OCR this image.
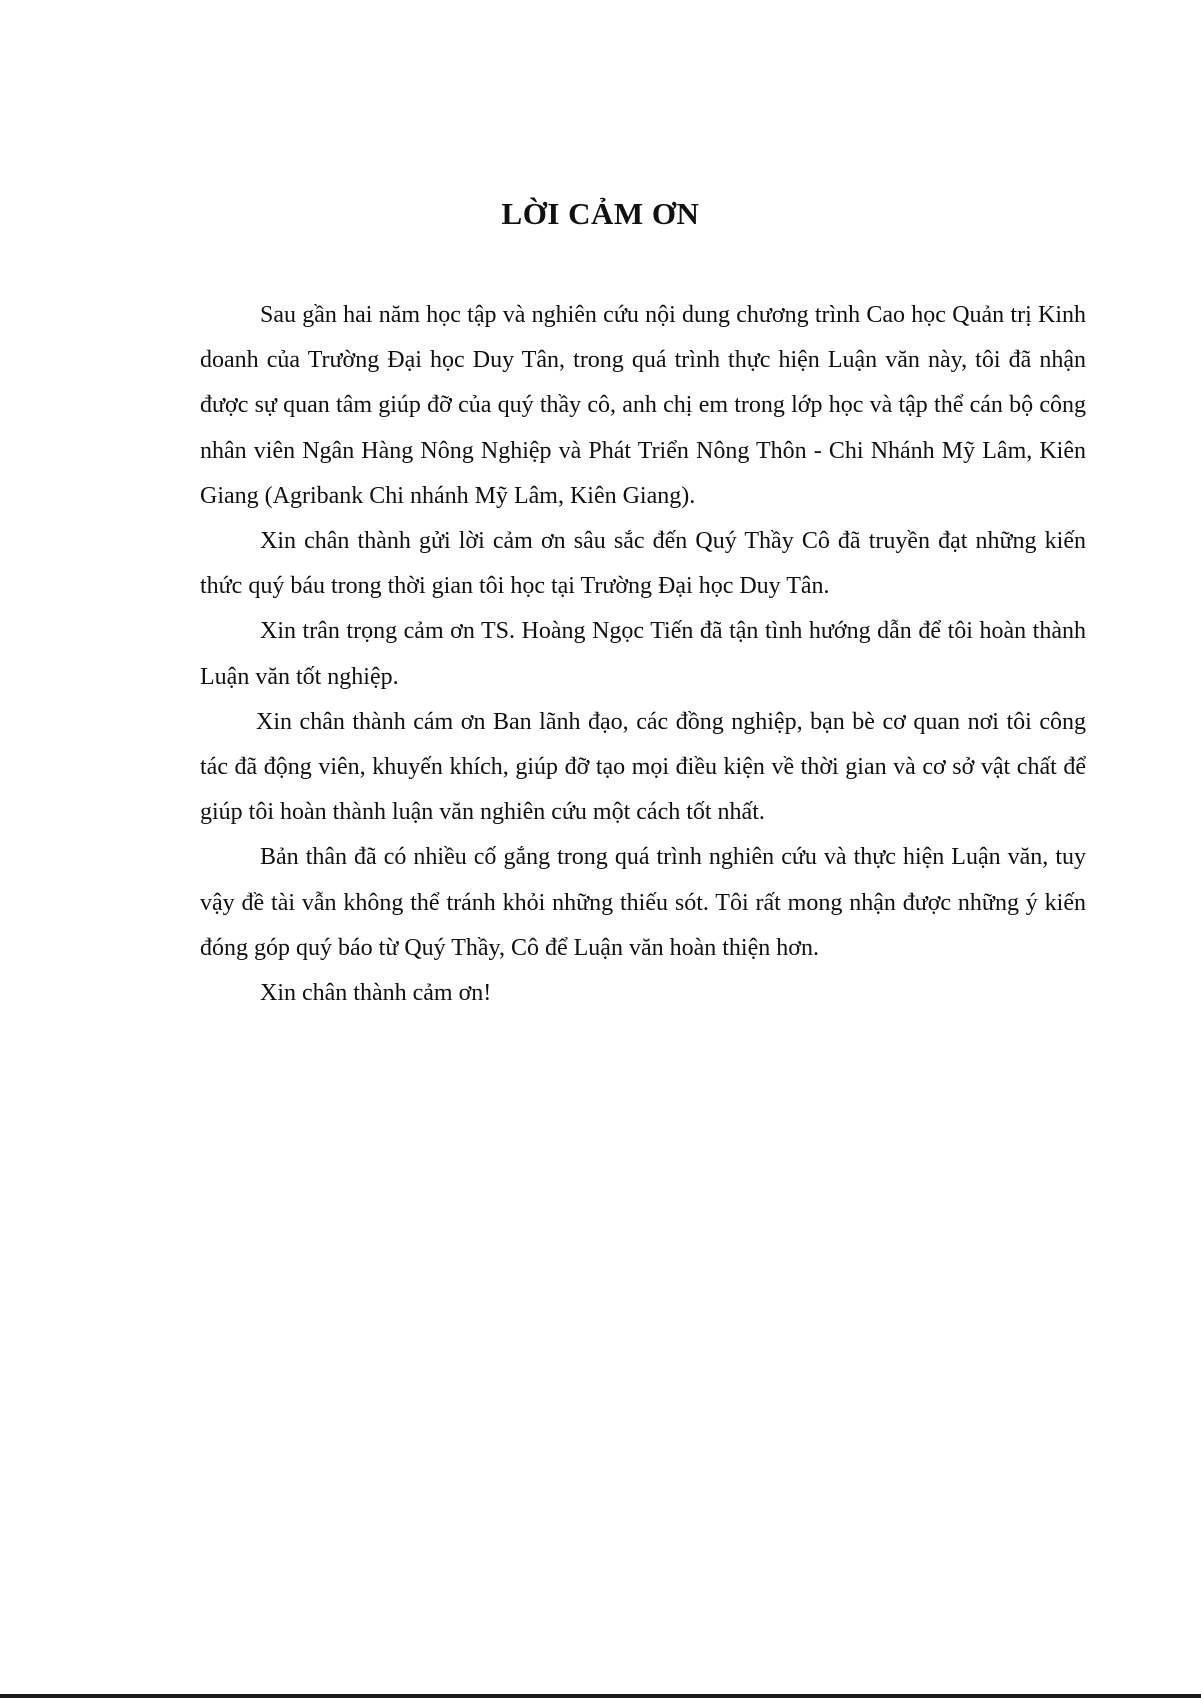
LỜI CẢM ƠN

Sau gần hai năm học tập và nghiên cứu nội dung chương trình Cao học Quản trị Kinh doanh của Trường Đại học Duy Tân, trong quá trình thực hiện Luận văn này, tôi đã nhận được sự quan tâm giúp đỡ của quý thầy cô, anh chị em trong lớp học và tập thể cán bộ công nhân viên Ngân Hàng Nông Nghiệp và Phát Triển Nông Thôn - Chi Nhánh Mỹ Lâm, Kiên Giang (Agribank Chi nhánh Mỹ Lâm, Kiên Giang).

Xin chân thành gửi lời cảm ơn sâu sắc đến Quý Thầy Cô đã truyền đạt những kiến thức quý báu trong thời gian tôi học tại Trường Đại học Duy Tân.

Xin trân trọng cảm ơn TS. Hoàng Ngọc Tiến đã tận tình hướng dẫn để tôi hoàn thành Luận văn tốt nghiệp.

Xin chân thành cám ơn Ban lãnh đạo, các đồng nghiệp, bạn bè cơ quan nơi tôi công tác đã động viên, khuyến khích, giúp đỡ tạo mọi điều kiện về thời gian và cơ sở vật chất để giúp tôi hoàn thành luận văn nghiên cứu một cách tốt nhất.

Bản thân đã có nhiều cố gắng trong quá trình nghiên cứu và thực hiện Luận văn, tuy vậy đề tài vẫn không thể tránh khỏi những thiếu sót. Tôi rất mong nhận được những ý kiến đóng góp quý báo từ Quý Thầy, Cô để Luận văn hoàn thiện hơn.

Xin chân thành cảm ơn!
